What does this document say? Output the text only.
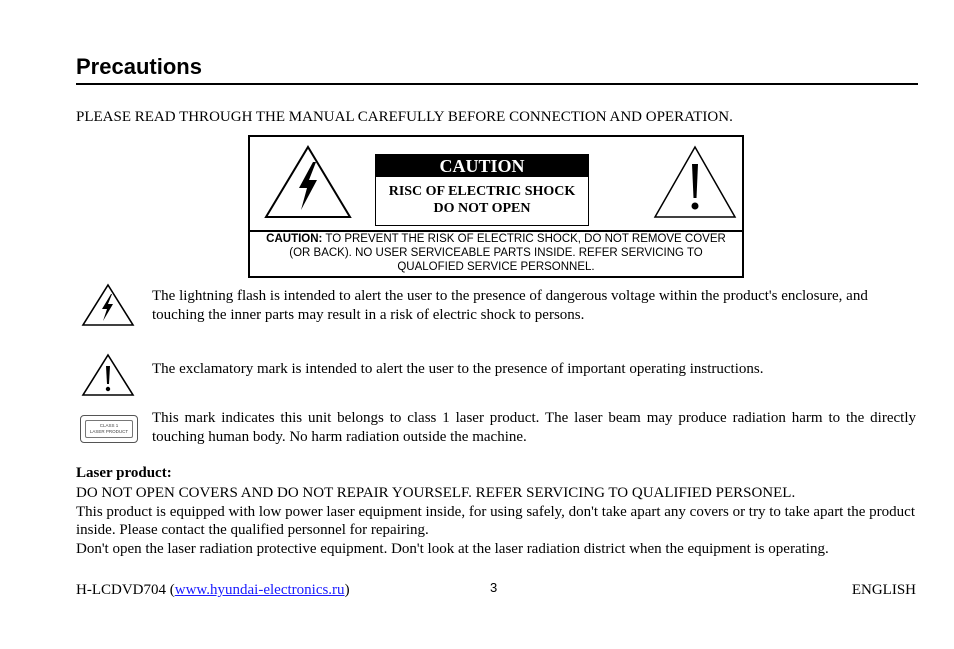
Precautions
PLEASE READ THROUGH THE MANUAL CAREFULLY BEFORE CONNECTION AND OPERATION.
CAUTION
RISC OF ELECTRIC SHOCK
DO NOT OPEN
CAUTION: TO PREVENT THE RISK OF ELECTRIC SHOCK, DO NOT REMOVE COVER (OR BACK). NO USER SERVICEABLE PARTS INSIDE. REFER SERVICING TO QUALOFIED SERVICE PERSONNEL.
The lightning flash is intended to alert the user to the presence of dangerous voltage within the product's enclosure, and touching the inner parts may result in a risk of electric shock to persons.
The exclamatory mark is intended to alert the user to the presence of important operating instructions.
CLASS 1
LASER PRODUCT
This mark indicates this unit belongs to class 1 laser product. The laser beam may produce radiation harm to the directly touching human body. No harm radiation outside the machine.
Laser product:
DO NOT OPEN COVERS AND DO NOT REPAIR YOURSELF. REFER SERVICING TO QUALIFIED PERSONEL.
This product is equipped with low power laser equipment inside, for using safely, don't take apart any covers or try to take apart the product inside. Please contact the qualified personnel for repairing.
Don't open the laser radiation protective equipment. Don't look at the laser radiation district when the equipment is operating.
H-LCDVD704 (www.hyundai-electronics.ru)	3	ENGLISH
